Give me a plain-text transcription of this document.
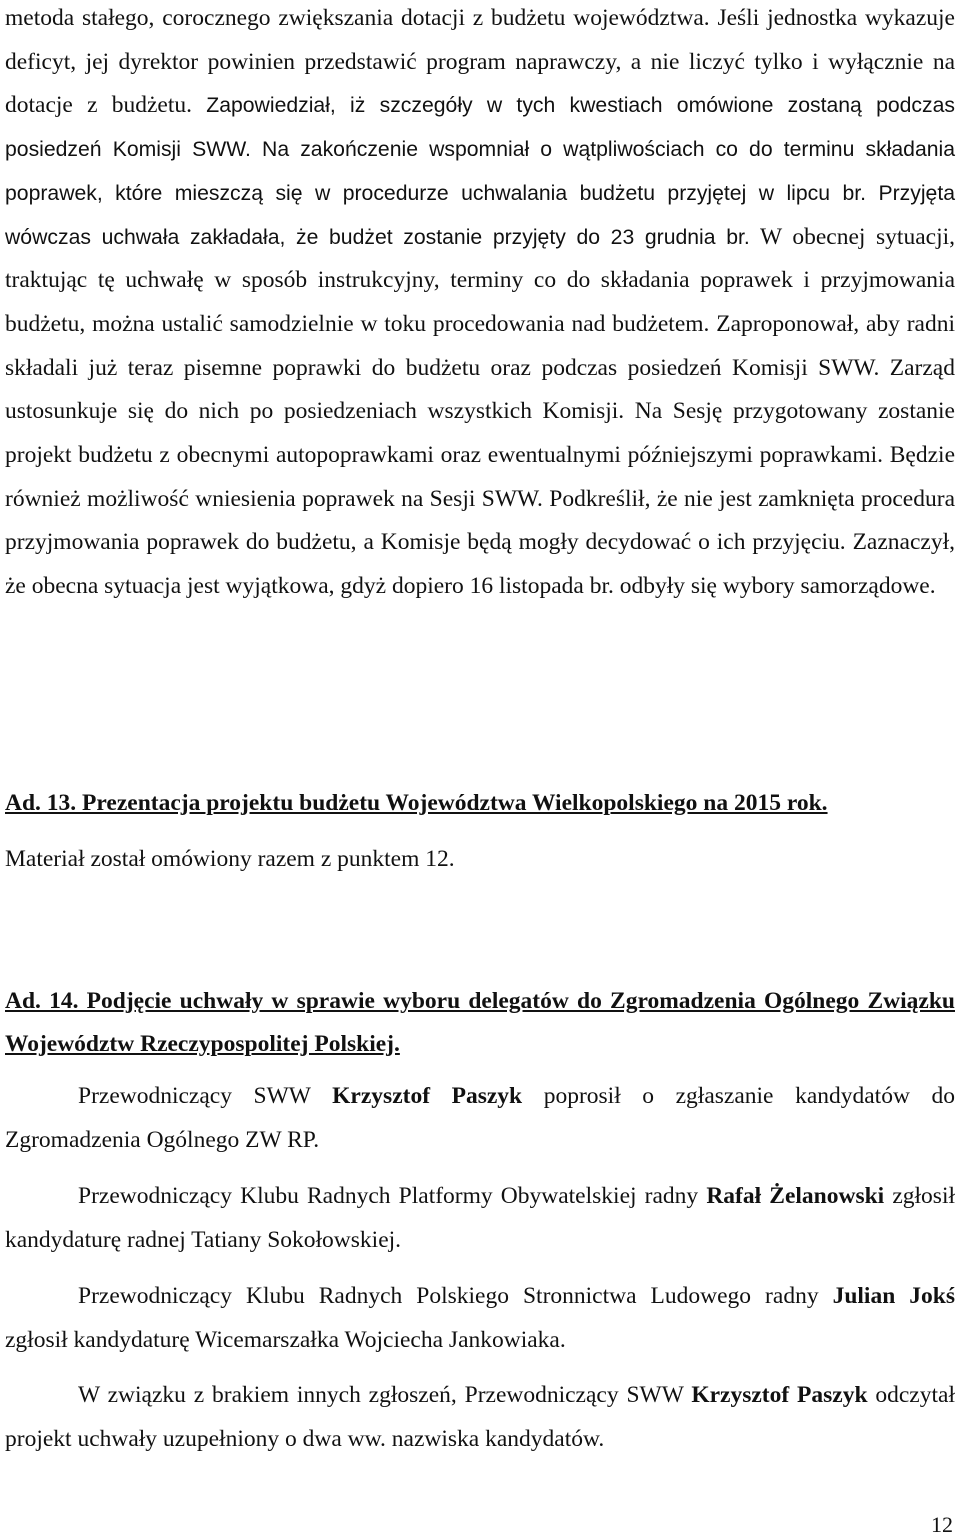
metoda stałego, corocznego zwiększania dotacji z budżetu województwa. Jeśli jednostka wykazuje deficyt, jej dyrektor powinien przedstawić program naprawczy, a nie liczyć tylko i wyłącznie na dotacje z budżetu. Zapowiedział, iż szczegóły w tych kwestiach omówione zostaną podczas posiedzeń Komisji SWW. Na zakończenie wspomniał o wątpliwościach co do terminu składania poprawek, które mieszczą się w procedurze uchwalania budżetu przyjętej w lipcu br. Przyjęta wówczas uchwała zakładała, że budżet zostanie przyjęty do 23 grudnia br. W obecnej sytuacji, traktując tę uchwałę w sposób instrukcyjny, terminy co do składania poprawek i przyjmowania budżetu, można ustalić samodzielnie w toku procedowania nad budżetem. Zaproponował, aby radni składali już teraz pisemne poprawki do budżetu oraz podczas posiedzeń Komisji SWW. Zarząd ustosunkuje się do nich po posiedzeniach wszystkich Komisji. Na Sesję przygotowany zostanie projekt budżetu z obecnymi autopoprawkami oraz ewentualnymi późniejszymi poprawkami. Będzie również możliwość wniesienia poprawek na Sesji SWW. Podkreślił, że nie jest zamknięta procedura przyjmowania poprawek do budżetu, a Komisje będą mogły decydować o ich przyjęciu. Zaznaczył, że obecna sytuacja jest wyjątkowa, gdyż dopiero 16 listopada br. odbyły się wybory samorządowe.

Ad. 13. Prezentacja projektu budżetu Województwa Wielkopolskiego na 2015 rok.

Materiał został omówiony razem z punktem 12.

Ad. 14. Podjęcie uchwały w sprawie wyboru delegatów do Zgromadzenia Ogólnego Związku Województw Rzeczypospolitej Polskiej.

Przewodniczący SWW Krzysztof Paszyk poprosił o zgłaszanie kandydatów do Zgromadzenia Ogólnego ZW RP.

Przewodniczący Klubu Radnych Platformy Obywatelskiej radny Rafał Żelanowski zgłosił kandydaturę radnej Tatiany Sokołowskiej.

Przewodniczący Klubu Radnych Polskiego Stronnictwa Ludowego radny Julian Jokś zgłosił kandydaturę Wicemarszałka Wojciecha Jankowiaka.

W związku z brakiem innych zgłoszeń, Przewodniczący SWW Krzysztof Paszyk odczytał projekt uchwały uzupełniony o dwa ww. nazwiska kandydatów.

12
